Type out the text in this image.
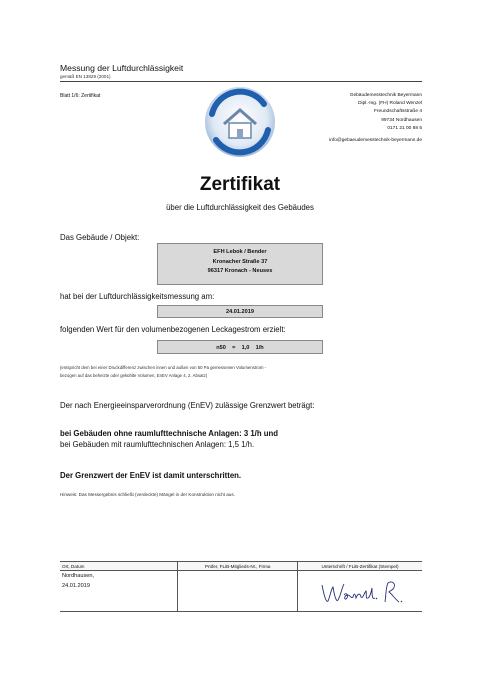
Messung der Luftdurchlässigkeit
gemäß EN 13829 (2001)
Blatt 1/6: Zertifikat	Gebäudemesstechnik Beyermann
Dipl.-Ing. (FH) Roland Wenzel
Freundschaftsstraße 4
99734 Nordhausen
0171 21 00 88 5
info@gebaeudemesstechnik-beyermann.de
Zertifikat
über die Luftdurchlässigkeit des Gebäudes
Das Gebäude / Objekt:
EFH Lebok / Bender
Kronacher Straße 37
96317 Kronach - Neuses
hat bei der Luftdurchlässigkeitsmessung am:
24.01.2019
folgenden Wert für den volumenbezogenen Leckagestrom erzielt:
n50 = 1,0 1/h
(entspricht dem bei einer Druckdifferenz zwischen innen und außen von 50 Pa gemessenen Volumenstrom -
bezogen auf das beheizte oder gekühlte Volumen, EnEV Anlage 4, 2. Absatz)
Der nach Energieeinsparverordnung (EnEV) zulässige Grenzwert beträgt:
bei Gebäuden ohne raumlufttechnische Anlagen: 3 1/h und
bei Gebäuden mit raumlufttechnischen Anlagen: 1,5 1/h.
Der Grenzwert der EnEV ist damit unterschritten.
Hinweis: Das Messergebnis schließt (verdeckte) Mängel in der Konstruktion nicht aus.
Ort, Datum	Prüfer, FLiB-Mitglieds-Nr., Firma	Unterschrift / FLiB-Zertifikat (Stempel)

Nordhausen,
24.01.2019
